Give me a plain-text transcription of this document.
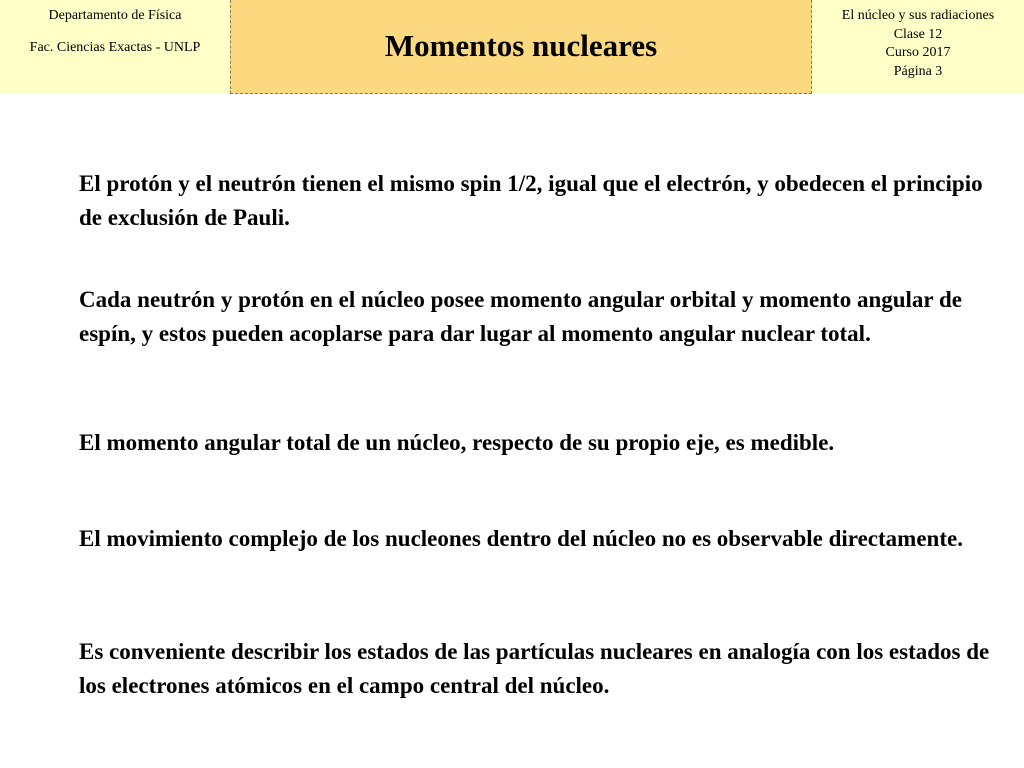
Departamento de Física
Fac. Ciencias Exactas - UNLP	Momentos nucleares
El núcleo y sus radiaciones
Clase 12
Curso 2017
Página 3
El protón y el neutrón tienen el mismo spin 1/2, igual que el electrón, y obedecen el principio de exclusión de Pauli.
Cada neutrón y protón en el núcleo posee momento angular orbital y momento angular de espín, y estos pueden acoplarse para dar lugar al momento angular nuclear total.
El momento angular total de un núcleo, respecto de su propio eje, es medible.
El movimiento complejo de los nucleones dentro del núcleo no es observable directamente.
Es conveniente describir los estados de las partículas nucleares en analogía con los estados de los electrones atómicos en el campo central del núcleo.
